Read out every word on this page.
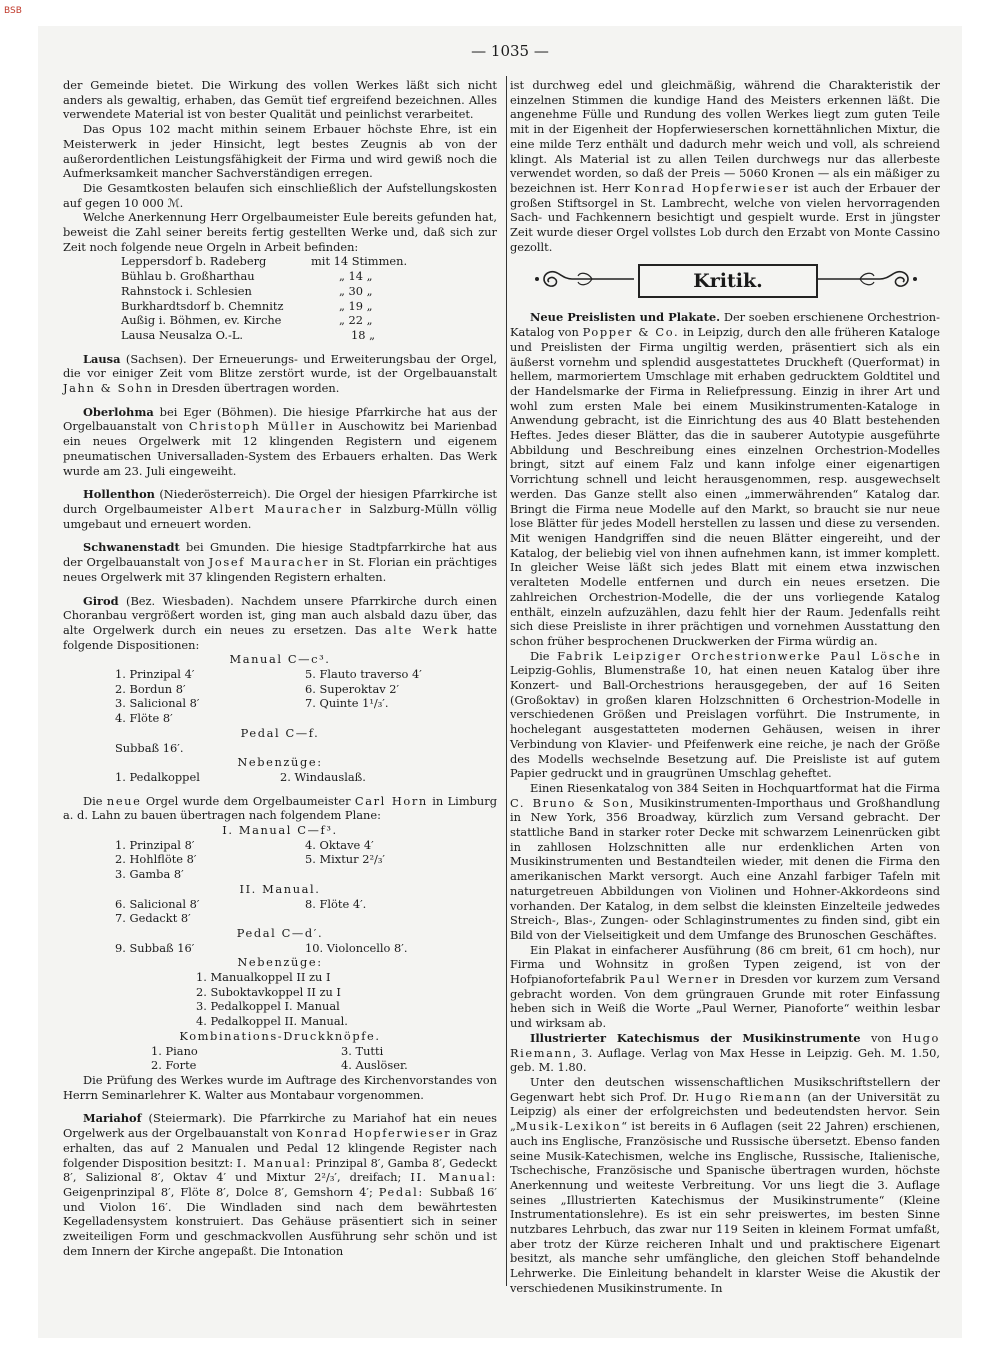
BSB
— 1035 —

der Gemeinde bietet. Die Wirkung des vollen Werkes läßt sich nicht anders als gewaltig, erhaben, das Gemüt tief ergreifend bezeichnen. Alles verwendete Material ist von bester Qualität und peinlichst verarbeitet.

Das Opus 102 macht mithin seinem Erbauer höchste Ehre, ist ein Meisterwerk in jeder Hinsicht, legt bestes Zeugnis ab von der außerordentlichen Leistungsfähigkeit der Firma und wird gewiß noch die Aufmerksamkeit mancher Sachverständigen erregen.

Die Gesamtkosten belaufen sich einschließlich der Aufstellungskosten auf gegen 10 000 ℳ.

Welche Anerkennung Herr Orgelbaumeister Eule bereits gefunden hat, beweist die Zahl seiner bereits fertig gestellten Werke und, daß sich zur Zeit noch folgende neue Orgeln in Arbeit befinden:

Leppersdorf b. Radeberg	mit 14 Stimmen.
Bühlau b. Großharthau	„ 14 „
Rahnstock i. Schlesien	„ 30 „
Burkhardtsdorf b. Chemnitz	„ 19 „
Außig i. Böhmen, ev. Kirche	„ 22 „
Lausa Neusalza O.-L.	18 „

Lausa (Sachsen). Der Erneuerungs- und Erweiterungsbau der Orgel, die vor einiger Zeit vom Blitze zerstört wurde, ist der Orgelbauanstalt Jahn & Sohn in Dresden übertragen worden.

Oberlohma bei Eger (Böhmen). Die hiesige Pfarrkirche hat aus der Orgelbauanstalt von Christoph Müller in Auschowitz bei Marienbad ein neues Orgelwerk mit 12 klingenden Registern und eigenem pneumatischen Universalladen-System des Erbauers erhalten. Das Werk wurde am 23. Juli eingeweiht.

Hollenthon (Niederösterreich). Die Orgel der hiesigen Pfarrkirche ist durch Orgelbaumeister Albert Mauracher in Salzburg-Mülln völlig umgebaut und erneuert worden.

Schwanenstadt bei Gmunden. Die hiesige Stadtpfarrkirche hat aus der Orgelbauanstalt von Josef Mauracher in St. Florian ein prächtiges neues Orgelwerk mit 37 klingenden Registern erhalten.

Girod (Bez. Wiesbaden). Nachdem unsere Pfarrkirche durch einen Choranbau vergrößert worden ist, ging man auch alsbald dazu über, das alte Orgelwerk durch ein neues zu ersetzen. Das alte Werk hatte folgende Dispositionen:

Manual C—c³.
1. Prinzipal 4′	5. Flauto traverso 4′
2. Bordun 8′	6. Superoktav 2′
3. Salicional 8′	7. Quinte 1¹/₃′.
4. Flöte 8′
Pedal C—f.
Subbaß 16′.
Nebenzüge:
1. Pedalkoppel	2. Windauslaß.

Die neue Orgel wurde dem Orgelbaumeister Carl Horn in Limburg a. d. Lahn zu bauen übertragen nach folgendem Plane:

I. Manual C—f³.
1. Prinzipal 8′	4. Oktave 4′
2. Hohlflöte 8′	5. Mixtur 2²/₃′
3. Gamba 8′
II. Manual.
6. Salicional 8′	8. Flöte 4′.
7. Gedackt 8′
Pedal C—d′.
9. Subbaß 16′	10. Violoncello 8′.
Nebenzüge:
1. Manualkoppel II zu I
2. Suboktavkoppel II zu I
3. Pedalkoppel I. Manual
4. Pedalkoppel II. Manual.
Kombinations-Druckknöpfe.
1. Piano	3. Tutti
2. Forte	4. Auslöser.

Die Prüfung des Werkes wurde im Auftrage des Kirchenvorstandes von Herrn Seminarlehrer K. Walter aus Montabaur vorgenommen.

Mariahof (Steiermark). Die Pfarrkirche zu Mariahof hat ein neues Orgelwerk aus der Orgelbauanstalt von Konrad Hopferwieser in Graz erhalten, das auf 2 Manualen und Pedal 12 klingende Register nach folgender Disposition besitzt: I. Manual: Prinzipal 8′, Gamba 8′, Gedeckt 8′, Salizional 8′, Oktav 4′ und Mixtur 2²/₃′, dreifach; II. Manual: Geigenprinzipal 8′, Flöte 8′, Dolce 8′, Gemshorn 4′; Pedal: Subbaß 16′ und Violon 16′. Die Windladen sind nach dem bewährtesten Kegelladensystem konstruiert. Das Gehäuse präsentiert sich in seiner zweiteiligen Form und geschmackvollen Ausführung sehr schön und ist dem Innern der Kirche angepaßt. Die Intonation

ist durchweg edel und gleichmäßig, während die Charakteristik der einzelnen Stimmen die kundige Hand des Meisters erkennen läßt. Die angenehme Fülle und Rundung des vollen Werkes liegt zum guten Teile mit in der Eigenheit der Hopferwieserschen kornettähnlichen Mixtur, die eine milde Terz enthält und dadurch mehr weich und voll, als schreiend klingt. Als Material ist zu allen Teilen durchwegs nur das allerbeste verwendet worden, so daß der Preis — 5060 Kronen — als ein mäßiger zu bezeichnen ist. Herr Konrad Hopferwieser ist auch der Erbauer der großen Stiftsorgel in St. Lambrecht, welche von vielen hervorragenden Sach- und Fachkennern besichtigt und gespielt wurde. Erst in jüngster Zeit wurde dieser Orgel vollstes Lob durch den Erzabt von Monte Cassino gezollt.

Kritik.

Neue Preislisten und Plakate. Der soeben erschienene Orchestrion-Katalog von Popper & Co. in Leipzig, durch den alle früheren Kataloge und Preislisten der Firma ungiltig werden, präsentiert sich als ein äußerst vornehm und splendid ausgestattetes Druckheft (Querformat) in hellem, marmoriertem Umschlage mit erhaben gedrucktem Goldtitel und der Handelsmarke der Firma in Reliefpressung. Einzig in ihrer Art und wohl zum ersten Male bei einem Musikinstrumenten-Kataloge in Anwendung gebracht, ist die Einrichtung des aus 40 Blatt bestehenden Heftes. Jedes dieser Blätter, das die in sauberer Autotypie ausgeführte Abbildung und Beschreibung eines einzelnen Orchestrion-Modelles bringt, sitzt auf einem Falz und kann infolge einer eigenartigen Vorrichtung schnell und leicht herausgenommen, resp. ausgewechselt werden. Das Ganze stellt also einen „immerwährenden“ Katalog dar. Bringt die Firma neue Modelle auf den Markt, so braucht sie nur neue lose Blätter für jedes Modell herstellen zu lassen und diese zu versenden. Mit wenigen Handgriffen sind die neuen Blätter eingereiht, und der Katalog, der beliebig viel von ihnen aufnehmen kann, ist immer komplett. In gleicher Weise läßt sich jedes Blatt mit einem etwa inzwischen veralteten Modelle entfernen und durch ein neues ersetzen. Die zahlreichen Orchestrion-Modelle, die der uns vorliegende Katalog enthält, einzeln aufzuzählen, dazu fehlt hier der Raum. Jedenfalls reiht sich diese Preisliste in ihrer prächtigen und vornehmen Ausstattung den schon früher besprochenen Druckwerken der Firma würdig an.

Die Fabrik Leipziger Orchestrionwerke Paul Lösche in Leipzig-Gohlis, Blumenstraße 10, hat einen neuen Katalog über ihre Konzert- und Ball-Orchestrions herausgegeben, der auf 16 Seiten (Großoktav) in großen klaren Holzschnitten 6 Orchestrion-Modelle in verschiedenen Größen und Preislagen vorführt. Die Instrumente, in hochelegant ausgestatteten modernen Gehäusen, weisen in ihrer Verbindung von Klavier- und Pfeifenwerk eine reiche, je nach der Größe des Modells wechselnde Besetzung auf. Die Preisliste ist auf gutem Papier gedruckt und in graugrünen Umschlag geheftet.

Einen Riesenkatalog von 384 Seiten in Hochquartformat hat die Firma C. Bruno & Son, Musikinstrumenten-Importhaus und Großhandlung in New York, 356 Broadway, kürzlich zum Versand gebracht. Der stattliche Band in starker roter Decke mit schwarzem Leinenrücken gibt in zahllosen Holzschnitten alle nur erdenklichen Arten von Musikinstrumenten und Bestandteilen wieder, mit denen die Firma den amerikanischen Markt versorgt. Auch eine Anzahl farbiger Tafeln mit naturgetreuen Abbildungen von Violinen und Hohner-Akkordeons sind vorhanden. Der Katalog, in dem selbst die kleinsten Einzelteile jedwedes Streich-, Blas-, Zungen- oder Schlaginstrumentes zu finden sind, gibt ein Bild von der Vielseitigkeit und dem Umfange des Brunoschen Geschäftes.

Ein Plakat in einfacherer Ausführung (86 cm breit, 61 cm hoch), nur Firma und Wohnsitz in großen Typen zeigend, ist von der Hofpianofortefabrik Paul Werner in Dresden vor kurzem zum Versand gebracht worden. Von dem grüngrauen Grunde mit roter Einfassung heben sich in Weiß die Worte „Paul Werner, Pianoforte“ weithin lesbar und wirksam ab.

Illustrierter Katechismus der Musikinstrumente von Hugo Riemann, 3. Auflage. Verlag von Max Hesse in Leipzig. Geh. M. 1.50, geb. M. 1.80.

Unter den deutschen wissenschaftlichen Musikschriftstellern der Gegenwart hebt sich Prof. Dr. Hugo Riemann (an der Universität zu Leipzig) als einer der erfolgreichsten und bedeutendsten hervor. Sein „Musik-Lexikon“ ist bereits in 6 Auflagen (seit 22 Jahren) erschienen, auch ins Englische, Französische und Russische übersetzt. Ebenso fanden seine Musik-Katechismen, welche ins Englische, Russische, Italienische, Tschechische, Französische und Spanische übertragen wurden, höchste Anerkennung und weiteste Verbreitung. Vor uns liegt die 3. Auflage seines „Illustrierten Katechismus der Musikinstrumente“ (Kleine Instrumentationslehre). Es ist ein sehr preiswertes, im besten Sinne nutzbares Lehrbuch, das zwar nur 119 Seiten in kleinem Format umfaßt, aber trotz der Kürze reicheren Inhalt und und praktischere Eigenart besitzt, als manche sehr umfängliche, den gleichen Stoff behandelnde Lehrwerke. Die Einleitung behandelt in klarster Weise die Akustik der verschiedenen Musikinstrumente. In
